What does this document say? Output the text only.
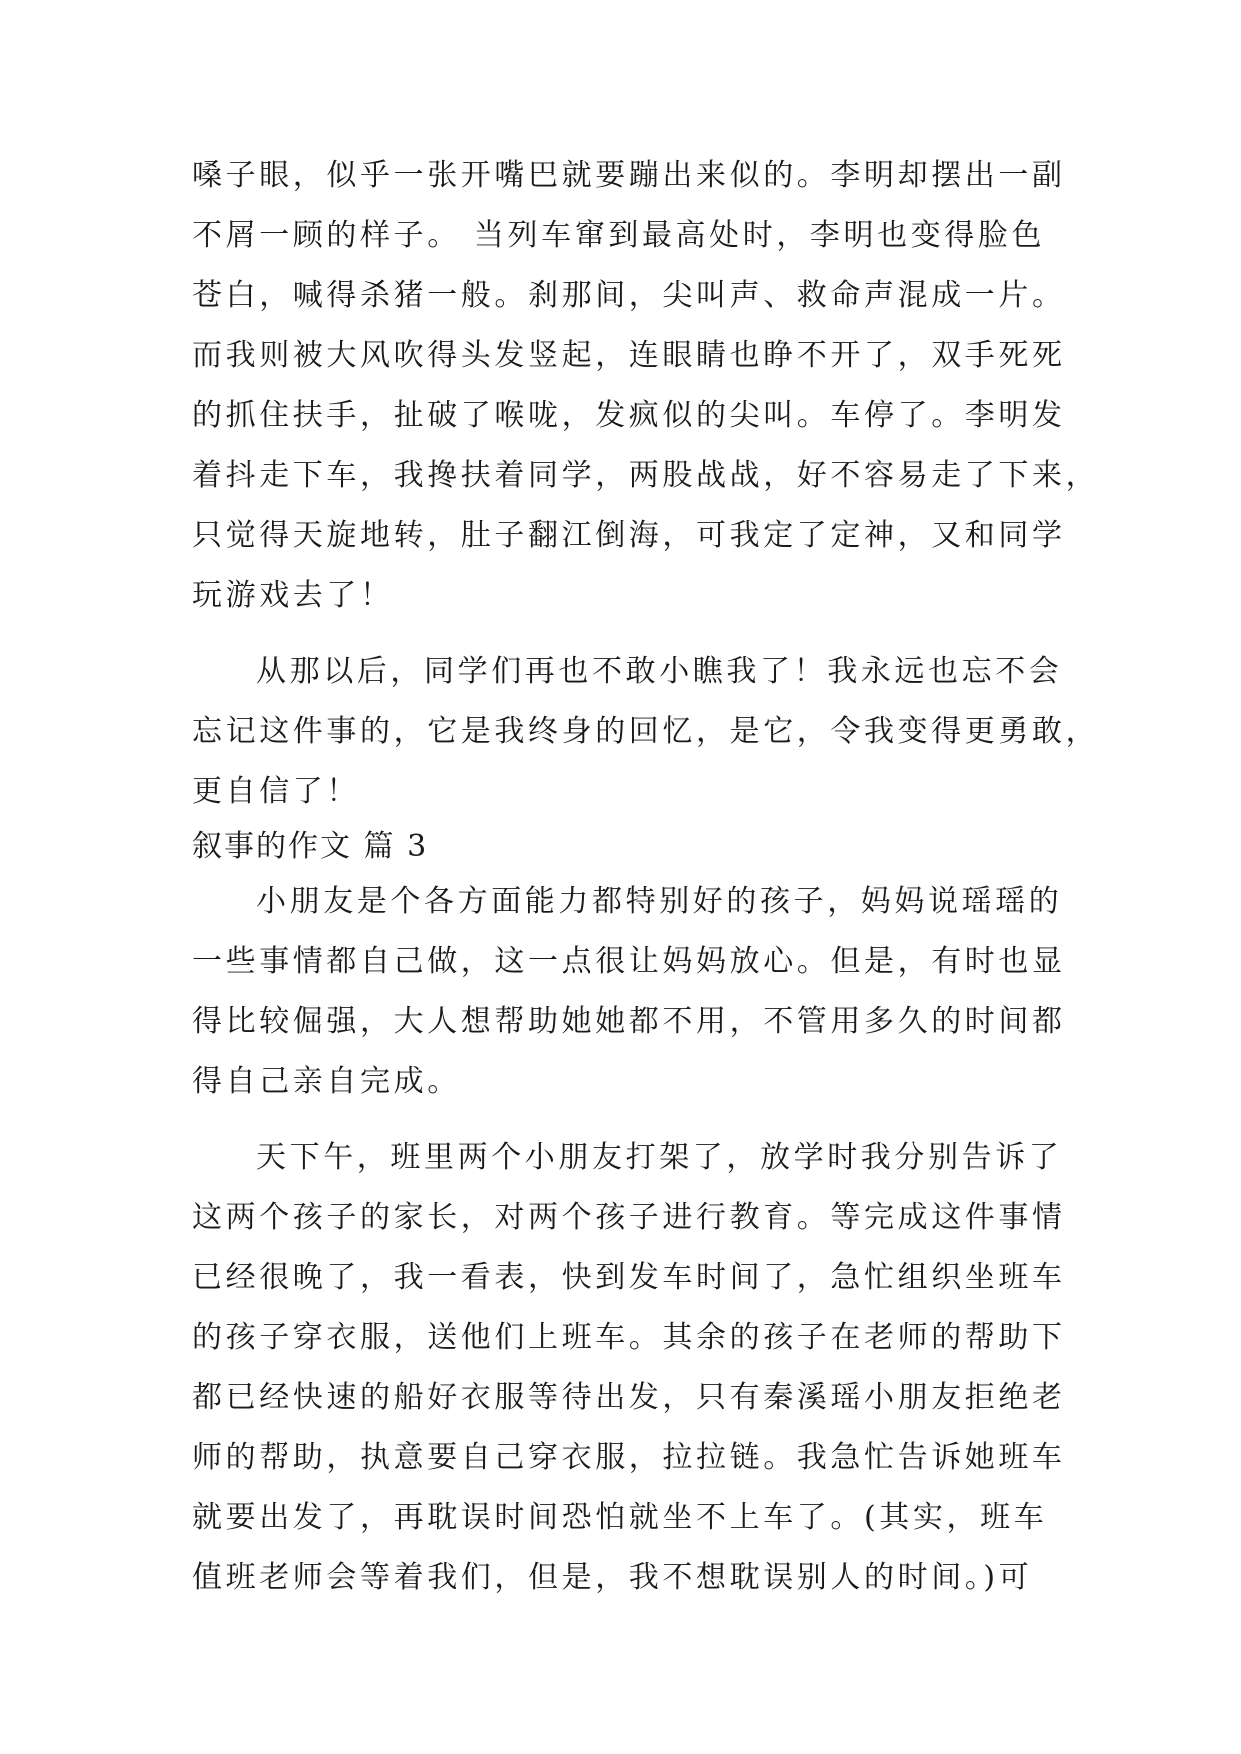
嗓子眼，似乎一张开嘴巴就要蹦出来似的。李明却摆出一副
不屑一顾的样子。 当列车窜到最高处时，李明也变得脸色
苍白，喊得杀猪一般。刹那间，尖叫声、救命声混成一片。
而我则被大风吹得头发竖起，连眼睛也睁不开了，双手死死
的抓住扶手，扯破了喉咙，发疯似的尖叫。车停了。李明发
着抖走下车，我搀扶着同学，两股战战，好不容易走了下来，
只觉得天旋地转，肚子翻江倒海，可我定了定神，又和同学
玩游戏去了！
从那以后，同学们再也不敢小瞧我了！我永远也忘不会
忘记这件事的，它是我终身的回忆，是它，令我变得更勇敢，
更自信了！
叙事的作文 篇 3
小朋友是个各方面能力都特别好的孩子，妈妈说瑶瑶的
一些事情都自己做，这一点很让妈妈放心。但是，有时也显
得比较倔强，大人想帮助她她都不用，不管用多久的时间都
得自己亲自完成。
天下午，班里两个小朋友打架了，放学时我分别告诉了
这两个孩子的家长，对两个孩子进行教育。等完成这件事情
已经很晚了，我一看表，快到发车时间了，急忙组织坐班车
的孩子穿衣服，送他们上班车。其余的孩子在老师的帮助下
都已经快速的船好衣服等待出发，只有秦溪瑶小朋友拒绝老
师的帮助，执意要自己穿衣服，拉拉链。我急忙告诉她班车
就要出发了，再耽误时间恐怕就坐不上车了。(其实，班车
值班老师会等着我们，但是，我不想耽误别人的时间。)可
